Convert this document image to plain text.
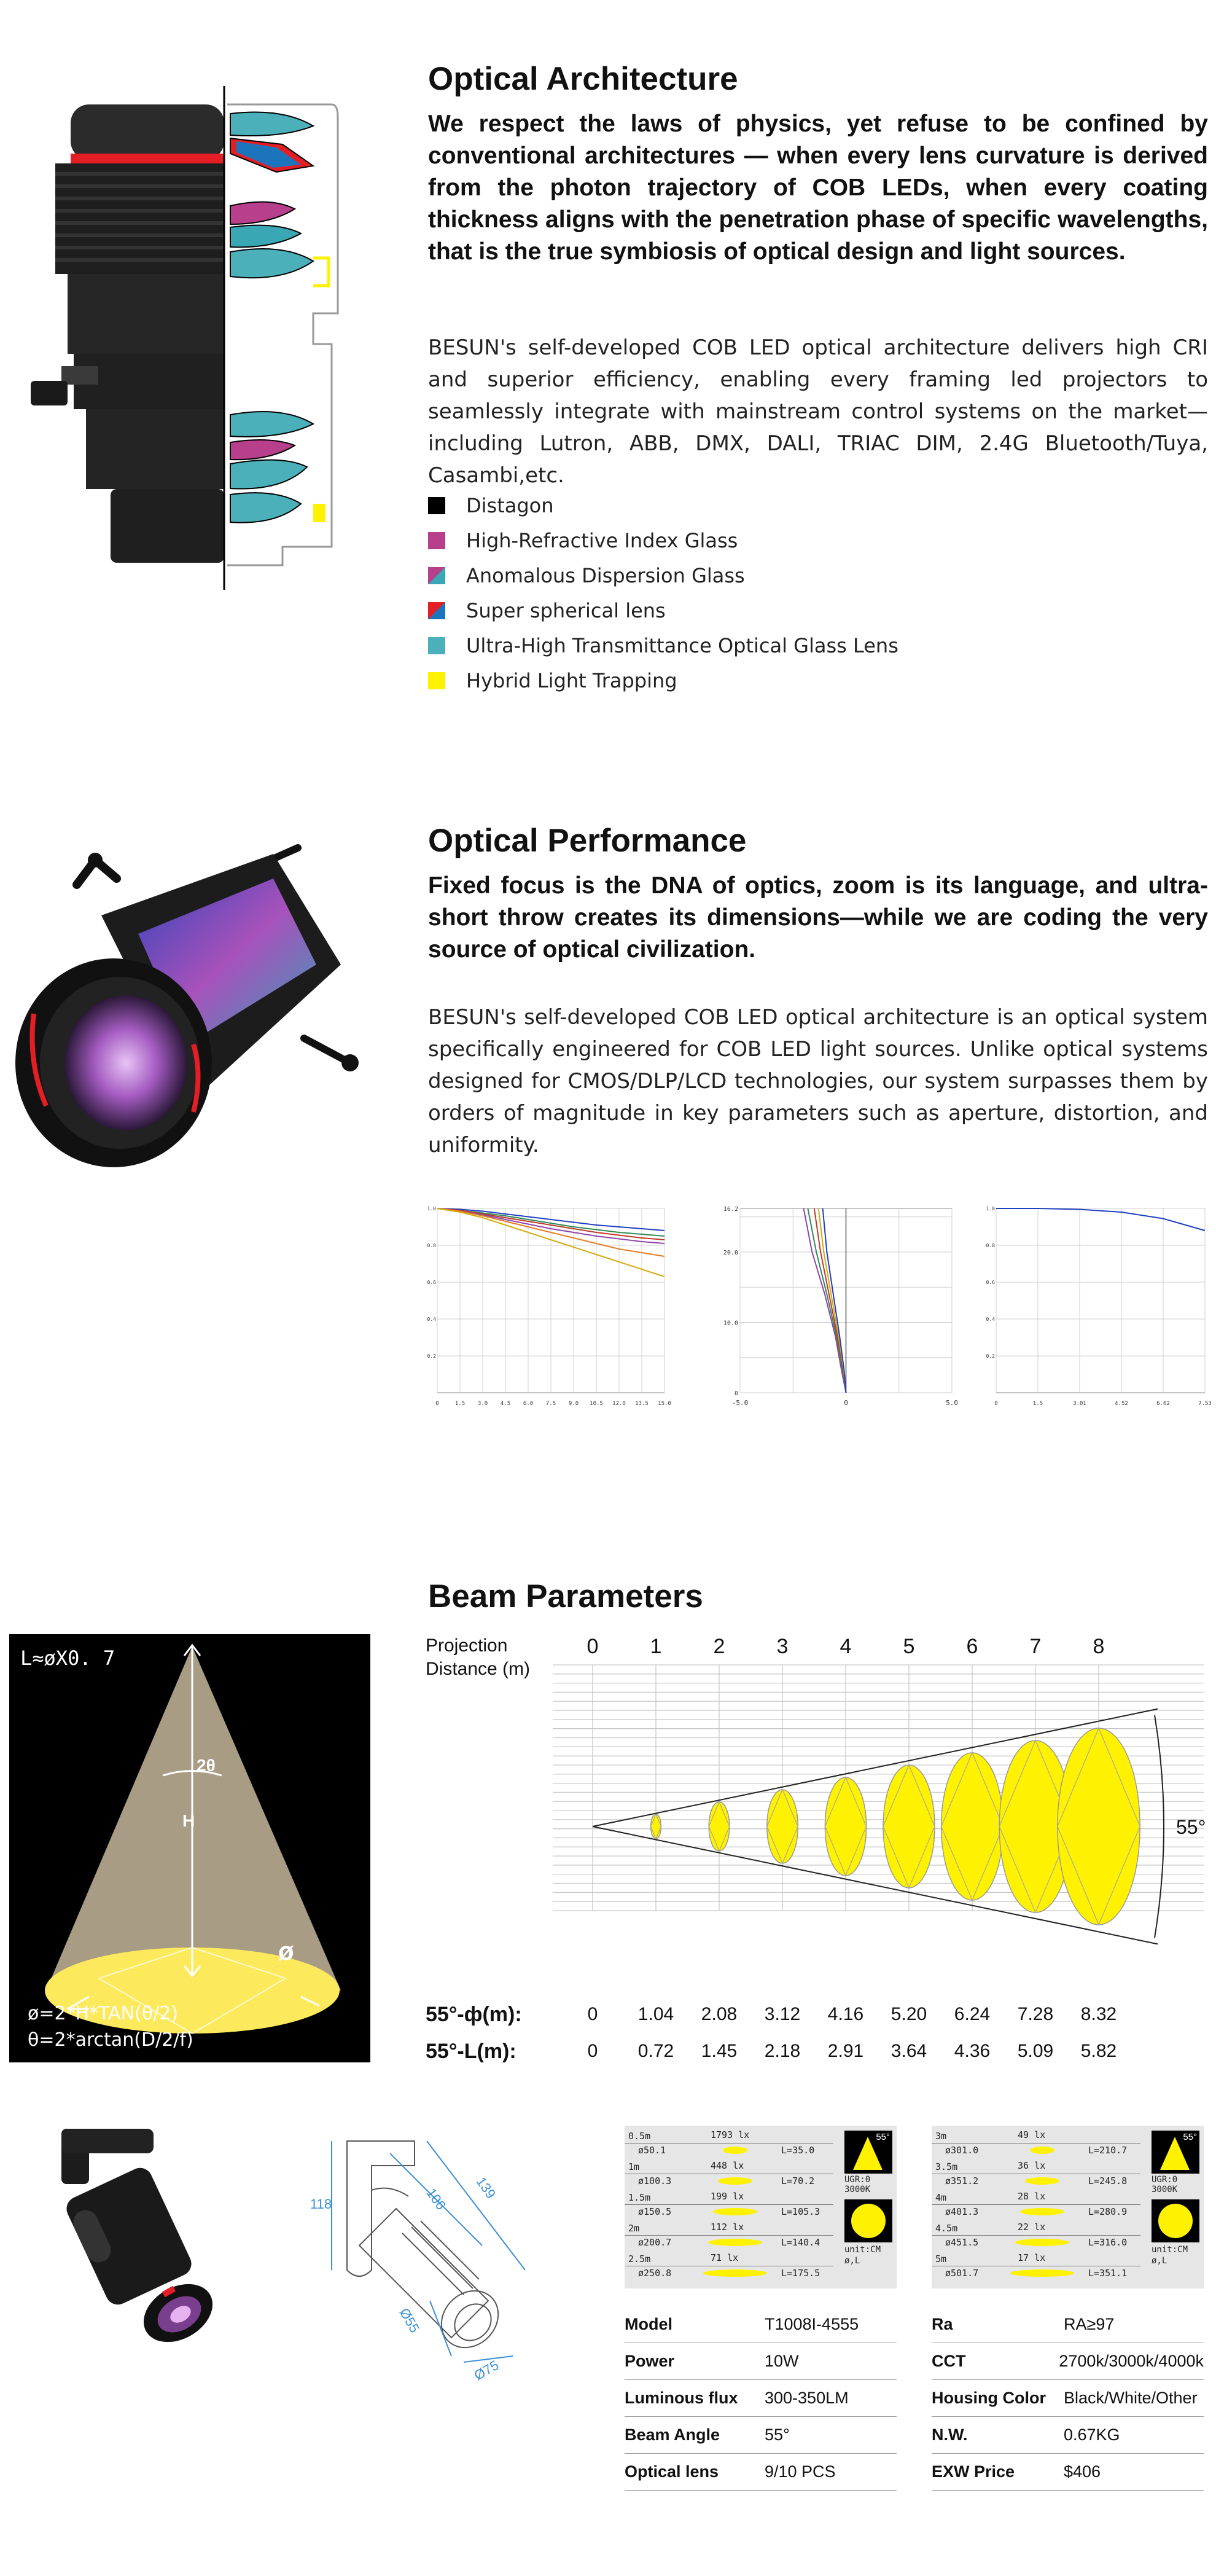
Optical Architecture
We respect the laws of physics, yet refuse to be confined by conventional architectures — when every lens curvature is derived from the photon trajectory of COB LEDs, when every coating thickness aligns with the penetration phase of specific wavelengths, that is the true symbiosis of optical design and light sources.
BESUN's self-developed COB LED optical architecture delivers high CRI and superior efficiency, enabling every framing led projectors to seamlessly integrate with mainstream control systems on the market—including Lutron, ABB, DMX, DALI, TRIAC DIM, 2.4G Bluetooth/Tuya, Casambi,etc.
Distagon
High-Refractive Index Glass
Anomalous Dispersion Glass
Super spherical lens
Ultra-High Transmittance Optical Glass Lens
Hybrid Light Trapping
Optical Performance
Fixed focus is the DNA of optics, zoom is its language, and ultra-short throw creates its dimensions—while we are coding the very source of optical civilization.
BESUN's self-developed COB LED optical architecture is an optical system specifically engineered for COB LED light sources. Unlike optical systems designed for CMOS/DLP/LCD technologies, our system surpasses them by orders of magnitude in key parameters such as aperture, distortion, and uniformity.
0	1.5 3.0 4.5 6.0 7.5 9.0 10.5 12.0 13.5 15.0
1.0
0.8
0.6
0.4
0.2
-5.0	0	5.0
16.2
20.0
10.0
0
0	1.5	3.01	4.52	6.02	7.53
1.0
0.8
0.6
0.4
0.2
Beam Parameters
L≈øX0. 7
2θ
H
ø
ø=2*H*TAN(θ/2)
θ=2*arctan(D/2/f)
Projection
Distance (m)
0 1 2 3 4 5 6 7 8
55°
55°-ф(m):
55°-L(m):
0	1.04	2.08	3.12	4.16	5.20	6.24	7.28	8.32
0	0.72	1.45	2.18	2.91	3.64	4.36	5.09	5.82
118	106 139
Ø55
Ø75
0.5m	1793 lx
ø50.1	L=35.0
1m	448 lx
ø100.3	L=70.2
1.5m	199 lx
ø150.5	L=105.3
2m	112 lx
ø200.7	L=140.4
2.5m	71 lx
ø250.8	L=175.5
55°
UGR:0
3000K
unit:CM
ø,L
3m	49 lx
ø301.0	L=210.7
3.5m	36 lx
ø351.2	L=245.8
4m	28 lx
ø401.3	L=280.9
4.5m	22 lx
ø451.5	L=316.0
5m	17 lx
ø501.7	L=351.1
55°
UGR:0
3000K
unit:CM
ø,L
Model	T1008I-4555
Power	10W
Luminous flux	300-350LM
Beam Angle	55°
Optical lens	9/10 PCS
Ra	RA≥97
CCT	2700k/3000k/4000k
Housing Color	Black/White/Other
N.W.	0.67KG
EXW Price	$406
